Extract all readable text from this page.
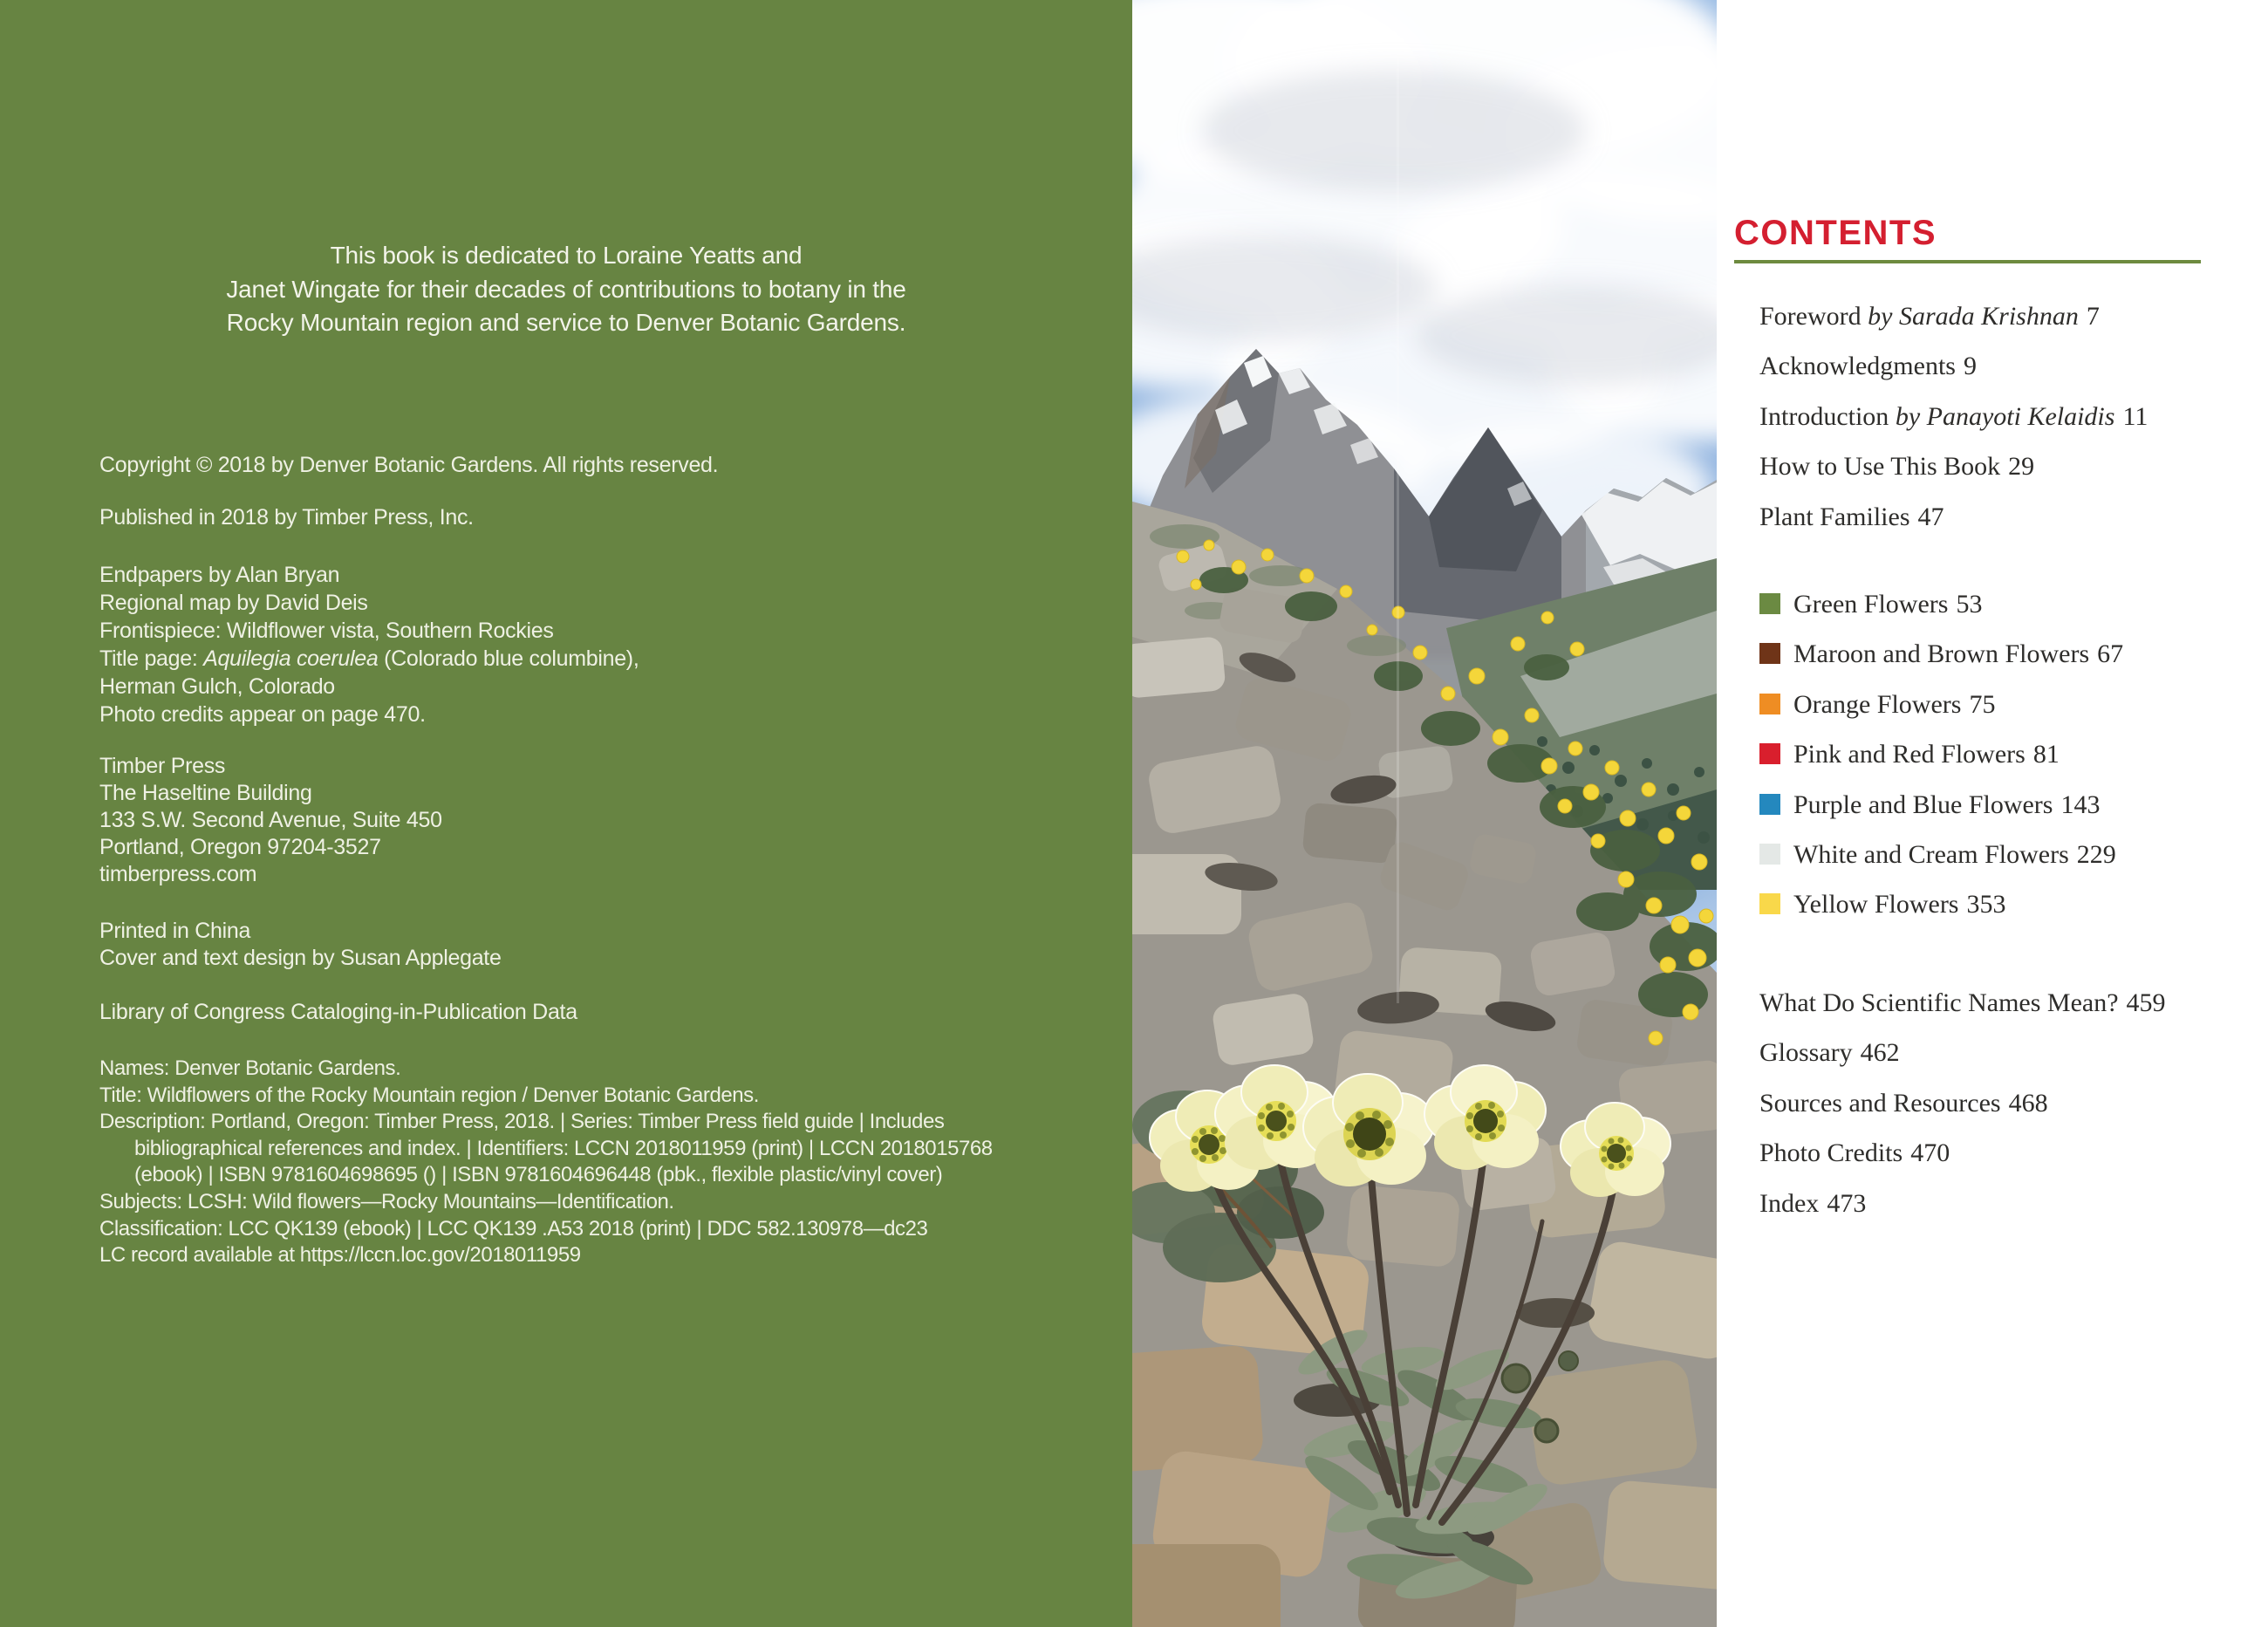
This book is dedicated to Loraine Yeatts and
Janet Wingate for their decades of contributions to botany in the
Rocky Mountain region and service to Denver Botanic Gardens.
Copyright © 2018 by Denver Botanic Gardens. All rights reserved.
Published in 2018 by Timber Press, Inc.
Endpapers by Alan Bryan
Regional map by David Deis
Frontispiece: Wildflower vista, Southern Rockies
Title page: Aquilegia coerulea (Colorado blue columbine),
Herman Gulch, Colorado
Photo credits appear on page 470.
Timber Press
The Haseltine Building
133 S.W. Second Avenue, Suite 450
Portland, Oregon 97204-3527
timberpress.com
Printed in China
Cover and text design by Susan Applegate
Library of Congress Cataloging-in-Publication Data
Names: Denver Botanic Gardens.
Title: Wildflowers of the Rocky Mountain region / Denver Botanic Gardens.
Description: Portland, Oregon: Timber Press, 2018. | Series: Timber Press field guide | Includes
bibliographical references and index. | Identifiers: LCCN 2018011959 (print) | LCCN 2018015768
(ebook) | ISBN 9781604698695 () | ISBN 9781604696448 (pbk., flexible plastic/vinyl cover)
Subjects: LCSH: Wild flowers—Rocky Mountains—Identification.
Classification: LCC QK139 (ebook) | LCC QK139 .A53 2018 (print) | DDC 582.130978—dc23
LC record available at https://lccn.loc.gov/2018011959
CONTENTS
Foreword by Sarada Krishnan 7
Acknowledgments 9
Introduction by Panayoti Kelaidis 11
How to Use This Book 29
Plant Families 47
Green Flowers 53
Maroon and Brown Flowers 67
Orange Flowers 75
Pink and Red Flowers 81
Purple and Blue Flowers 143
White and Cream Flowers 229
Yellow Flowers 353
What Do Scientific Names Mean? 459
Glossary 462
Sources and Resources 468
Photo Credits 470
Index 473
